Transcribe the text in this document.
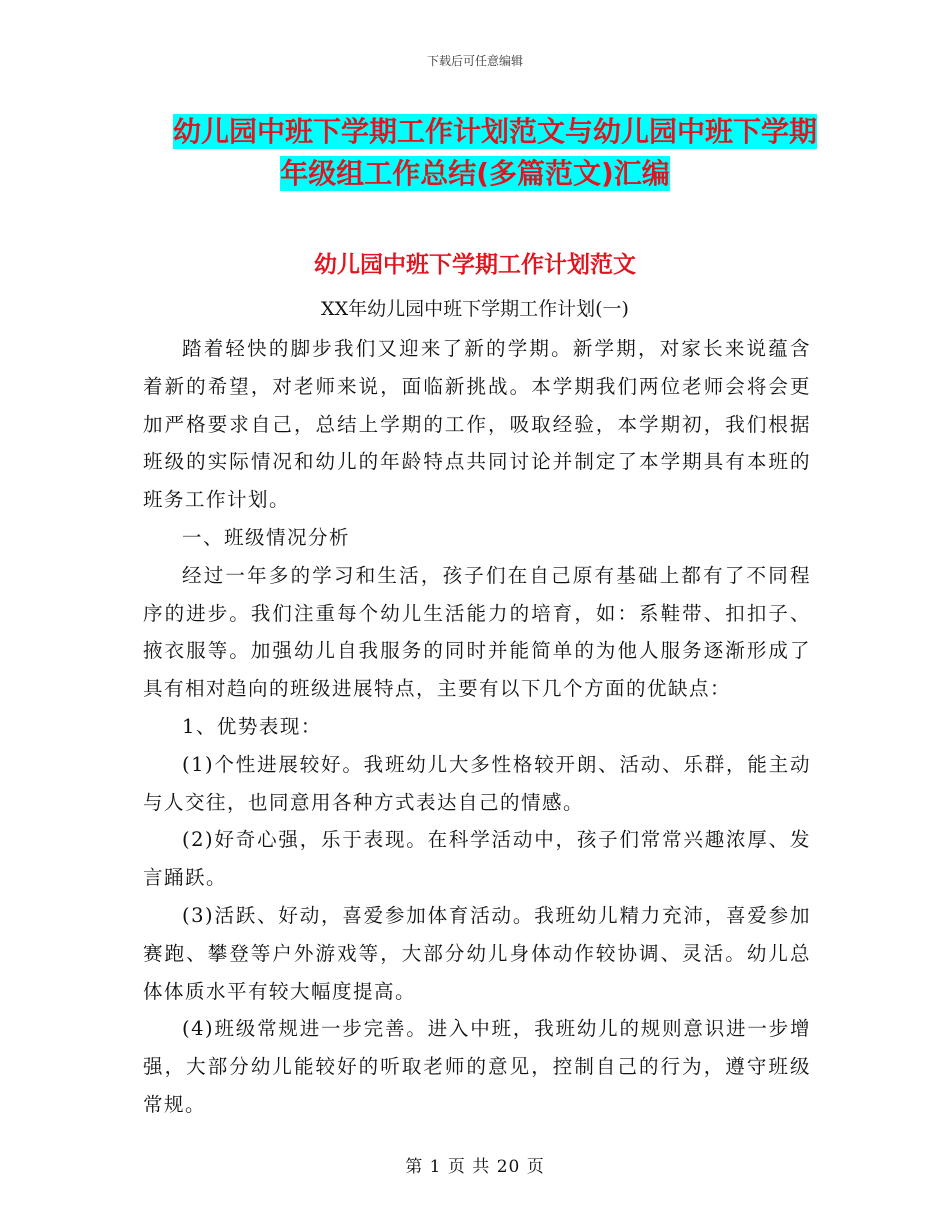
下载后可任意编辑
幼儿园中班下学期工作计划范文与幼儿园中班下学期
年级组工作总结(多篇范文)汇编
幼儿园中班下学期工作计划范文
XX年幼儿园中班下学期工作计划(一)

踏着轻快的脚步我们又迎来了新的学期。新学期，对家长来说蕴含着新的希望，对老师来说，面临新挑战。本学期我们两位老师会将会更加严格要求自己，总结上学期的工作，吸取经验，本学期初，我们根据班级的实际情况和幼儿的年龄特点共同讨论并制定了本学期具有本班的班务工作计划。

一、班级情况分析

经过一年多的学习和生活，孩子们在自己原有基础上都有了不同程序的进步。我们注重每个幼儿生活能力的培育，如：系鞋带、扣扣子、掖衣服等。加强幼儿自我服务的同时并能简单的为他人服务逐渐形成了具有相对趋向的班级进展特点，主要有以下几个方面的优缺点：

1、优势表现：

(1)个性进展较好。我班幼儿大多性格较开朗、活动、乐群，能主动与人交往，也同意用各种方式表达自己的情感。

(2)好奇心强，乐于表现。在科学活动中，孩子们常常兴趣浓厚、发言踊跃。

(3)活跃、好动，喜爱参加体育活动。我班幼儿精力充沛，喜爱参加赛跑、攀登等户外游戏等，大部分幼儿身体动作较协调、灵活。幼儿总体体质水平有较大幅度提高。

(4)班级常规进一步完善。进入中班，我班幼儿的规则意识进一步增强，大部分幼儿能较好的听取老师的意见，控制自己的行为，遵守班级常规。

第 1 页 共 20 页
